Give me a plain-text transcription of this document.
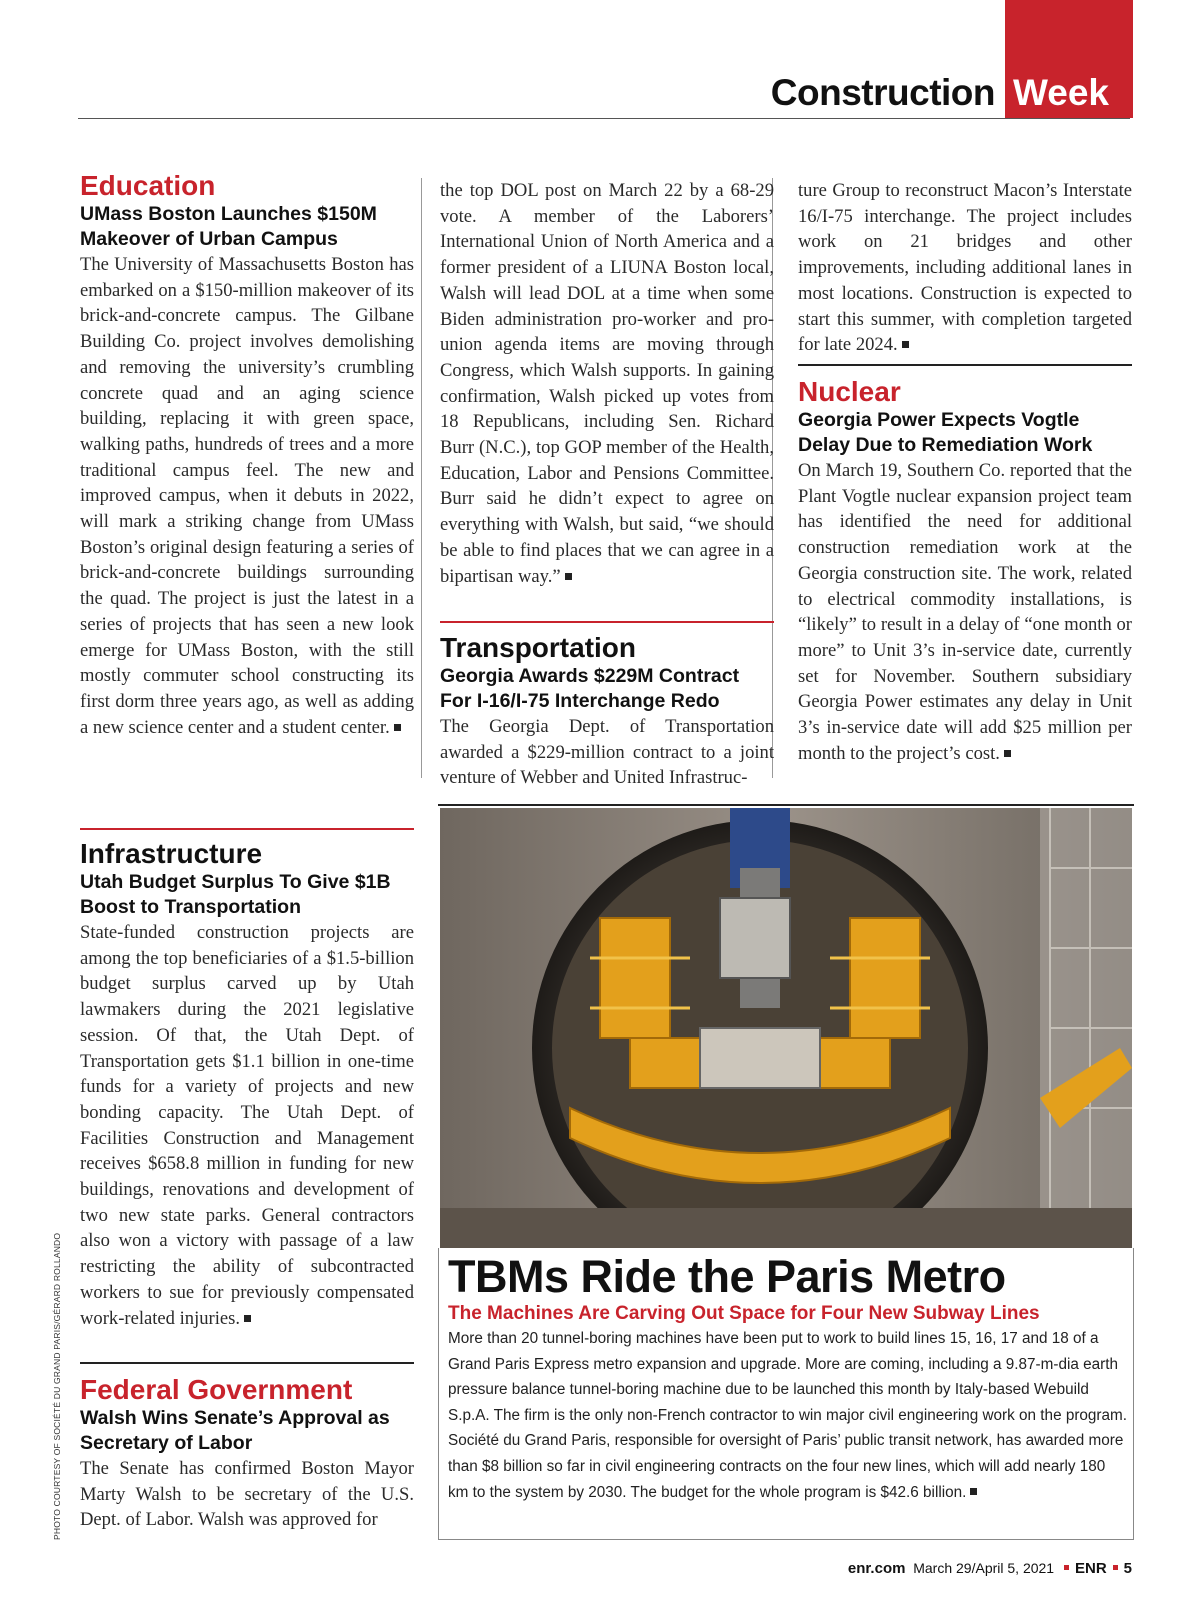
Construction Week
Education
UMass Boston Launches $150M Makeover of Urban Campus
The University of Massachusetts Boston has embarked on a $150-million makeover of its brick-and-concrete campus. The Gilbane Building Co. project involves demolishing and removing the university’s crumbling concrete quad and an aging science building, replacing it with green space, walking paths, hundreds of trees and a more traditional campus feel. The new and improved campus, when it debuts in 2022, will mark a striking change from UMass Boston’s original design featuring a series of brick-and-concrete buildings surrounding the quad. The project is just the latest in a series of projects that has seen a new look emerge for UMass Boston, with the still mostly commuter school constructing its first dorm three years ago, as well as adding a new science center and a student center.
Infrastructure
Utah Budget Surplus To Give $1B Boost to Transportation
State-funded construction projects are among the top beneficiaries of a $1.5-billion budget surplus carved up by Utah lawmakers during the 2021 legislative session. Of that, the Utah Dept. of Transportation gets $1.1 billion in one-time funds for a variety of projects and new bonding capacity. The Utah Dept. of Facilities Construction and Management receives $658.8 million in funding for new buildings, renovations and development of two new state parks. General contractors also won a victory with passage of a law restricting the ability of subcontracted workers to sue for previously compensated work-related injuries.
Federal Government
Walsh Wins Senate’s Approval as Secretary of Labor
The Senate has confirmed Boston Mayor Marty Walsh to be secretary of the U.S. Dept. of Labor. Walsh was approved for
the top DOL post on March 22 by a 68-29 vote. A member of the Laborers’ International Union of North America and a former president of a LIUNA Boston local, Walsh will lead DOL at a time when some Biden administration pro-worker and pro-union agenda items are moving through Congress, which Walsh supports. In gaining confirmation, Walsh picked up votes from 18 Republicans, including Sen. Richard Burr (N.C.), top GOP member of the Health, Education, Labor and Pensions Committee. Burr said he didn’t expect to agree on everything with Walsh, but said, “we should be able to find places that we can agree in a bipartisan way.”
Transportation
Georgia Awards $229M Contract For I-16/I-75 Interchange Redo
The Georgia Dept. of Transportation awarded a $229-million contract to a joint venture of Webber and United Infrastruc-
ture Group to reconstruct Macon’s Interstate 16/I-75 interchange. The project includes work on 21 bridges and other improvements, including additional lanes in most locations. Construction is expected to start this summer, with completion targeted for late 2024.
Nuclear
Georgia Power Expects Vogtle Delay Due to Remediation Work
On March 19, Southern Co. reported that the Plant Vogtle nuclear expansion project team has identified the need for additional construction remediation work at the Georgia construction site. The work, related to electrical commodity installations, is “likely” to result in a delay of “one month or more” to Unit 3’s in-service date, currently set for November. Southern subsidiary Georgia Power estimates any delay in Unit 3’s in-service date will add $25 million per month to the project’s cost.
TBMs Ride the Paris Metro
The Machines Are Carving Out Space for Four New Subway Lines
More than 20 tunnel-boring machines have been put to work to build lines 15, 16, 17 and 18 of a Grand Paris Express metro expansion and upgrade. More are coming, including a 9.87-m-dia earth pressure balance tunnel-boring machine due to be launched this month by Italy-based Webuild S.p.A. The firm is the only non-French contractor to win major civil engineering work on the program. Société du Grand Paris, responsible for oversight of Paris’ public transit network, has awarded more than $8 billion so far in civil engineering contracts on the four new lines, which will add nearly 180 km to the system by 2030. The budget for the whole program is $42.6 billion.
PHOTO COURTESY OF SOCIÉTÉ DU GRAND PARIS/GÉRARD ROLLANDO
enr.com March 29/April 5, 2021 ENR 5
